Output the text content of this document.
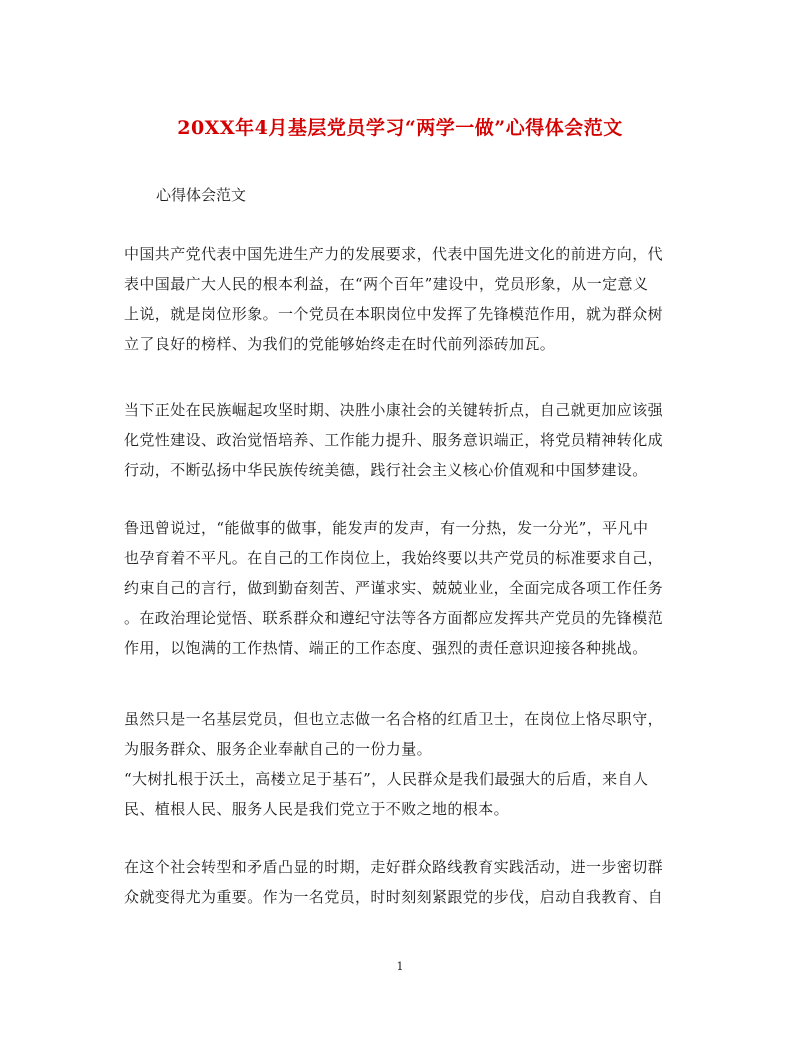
20XX年4月基层党员学习“两学一做”心得体会范文
心得体会范文
中国共产党代表中国先进生产力的发展要求，代表中国先进文化的前进方向，代
表中国最广大人民的根本利益，在“两个百年”建设中，党员形象，从一定意义
上说，就是岗位形象。一个党员在本职岗位中发挥了先锋模范作用，就为群众树
立了良好的榜样、为我们的党能够始终走在时代前列添砖加瓦。
当下正处在民族崛起攻坚时期、决胜小康社会的关键转折点，自己就更加应该强
化党性建设、政治觉悟培养、工作能力提升、服务意识端正，将党员精神转化成
行动，不断弘扬中华民族传统美德，践行社会主义核心价值观和中国梦建设。
鲁迅曾说过，“能做事的做事，能发声的发声，有一分热，发一分光”，平凡中
也孕育着不平凡。在自己的工作岗位上，我始终要以共产党员的标准要求自己，
约束自己的言行，做到勤奋刻苦、严谨求实、兢兢业业，全面完成各项工作任务
。在政治理论觉悟、联系群众和遵纪守法等各方面都应发挥共产党员的先锋模范
作用，以饱满的工作热情、端正的工作态度、强烈的责任意识迎接各种挑战。
虽然只是一名基层党员，但也立志做一名合格的红盾卫士，在岗位上恪尽职守，
为服务群众、服务企业奉献自己的一份力量。
“大树扎根于沃土，高楼立足于基石”，人民群众是我们最强大的后盾，来自人
民、植根人民、服务人民是我们党立于不败之地的根本。
在这个社会转型和矛盾凸显的时期，走好群众路线教育实践活动，进一步密切群
众就变得尤为重要。作为一名党员，时时刻刻紧跟党的步伐，启动自我教育、自
1
